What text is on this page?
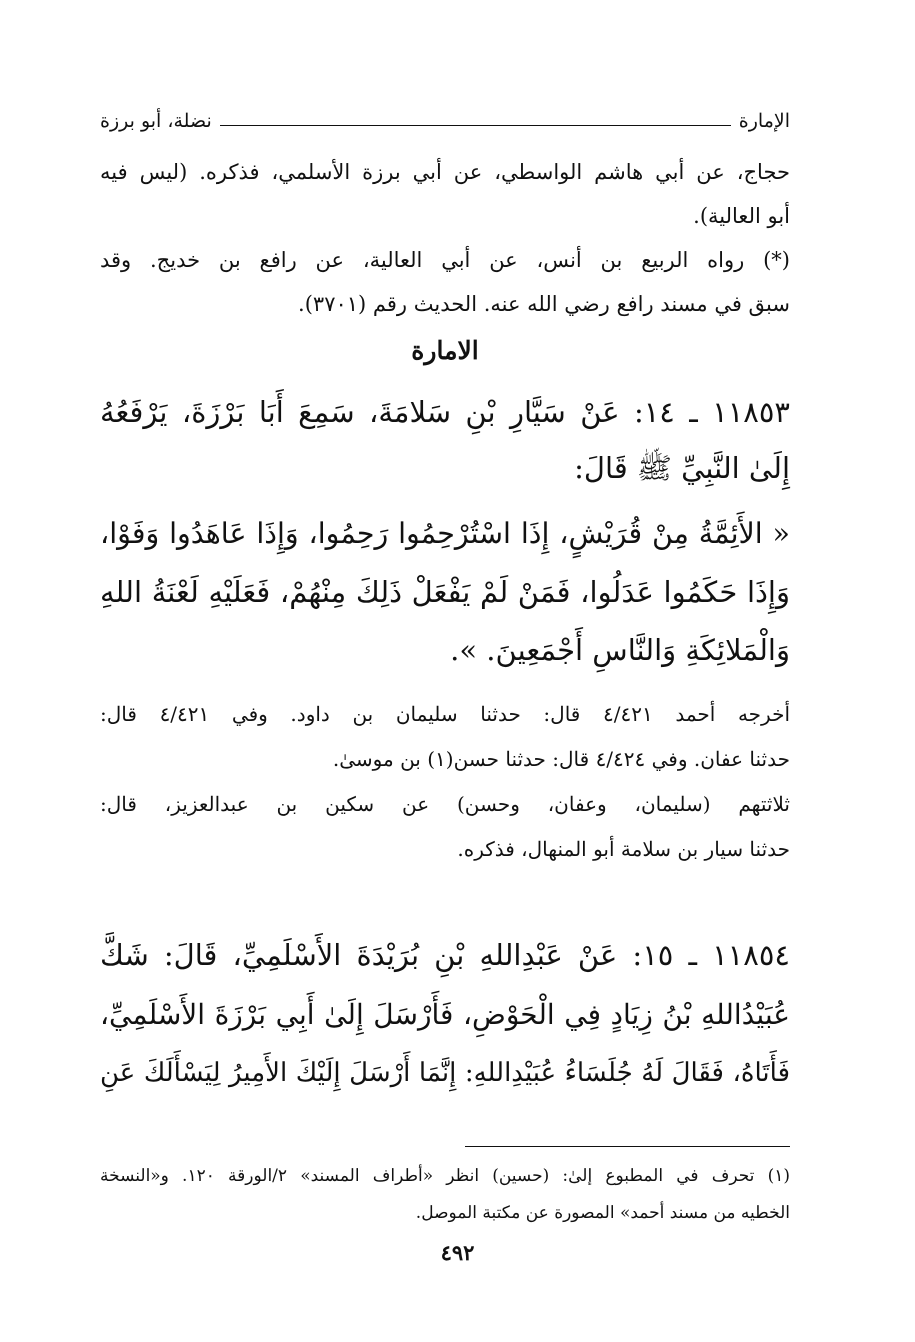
الإمارة
نضلة، أبو برزة
حجاج، عن أبي هاشم الواسطي، عن أبي برزة الأسلمي، فذكره. (ليس فيه
أبو العالية).
(*) رواه الربيع بن أنس، عن أبي العالية، عن رافع بن خديج. وقد
سبق في مسند رافع رضي الله عنه. الحديث رقم (٣٧٠١).
الامارة
١١٨٥٣ ـ ١٤: عَنْ سَيَّارِ بْنِ سَلامَةَ، سَمِعَ أَبَا بَرْزَةَ، يَرْفَعُهُ
إِلَىٰ النَّبِيِّ ﷺ قَالَ:
« الأَئِمَّةُ مِنْ قُرَيْشٍ، إِذَا اسْتُرْحِمُوا رَحِمُوا، وَإِذَا عَاهَدُوا وَفَوْا،
وَإِذَا حَكَمُوا عَدَلُوا، فَمَنْ لَمْ يَفْعَلْ ذَلِكَ مِنْهُمْ، فَعَلَيْهِ لَعْنَةُ اللهِ
وَالْمَلائِكَةِ وَالنَّاسِ أَجْمَعِينَ. ».
أخرجه أحمد ٤/٤٢١ قال: حدثنا سليمان بن داود. وفي ٤/٤٢١ قال:
حدثنا عفان. وفي ٤/٤٢٤ قال: حدثنا حسن(١) بن موسىٰ.
ثلاثتهم (سليمان، وعفان، وحسن) عن سكين بن عبدالعزيز، قال:
حدثنا سيار بن سلامة أبو المنهال، فذكره.
١١٨٥٤ ـ ١٥: عَنْ عَبْدِاللهِ بْنِ بُرَيْدَةَ الأَسْلَمِيِّ، قَالَ: شَكَّ
عُبَيْدُاللهِ بْنُ زِيَادٍ فِي الْحَوْضِ، فَأَرْسَلَ إِلَىٰ أَبِي بَرْزَةَ الأَسْلَمِيِّ،
فَأَتَاهُ، فَقَالَ لَهُ جُلَسَاءُ عُبَيْدِاللهِ: إِنَّمَا أَرْسَلَ إِلَيْكَ الأَمِيرُ لِيَسْأَلَكَ عَنِ
(١) تحرف في المطبوع إلىٰ: (حسين) انظر «أطراف المسند» ٢/الورقة ١٢٠. و«النسخة
الخطيه من مسند أحمد» المصورة عن مكتبة الموصل.
٤٩٢
